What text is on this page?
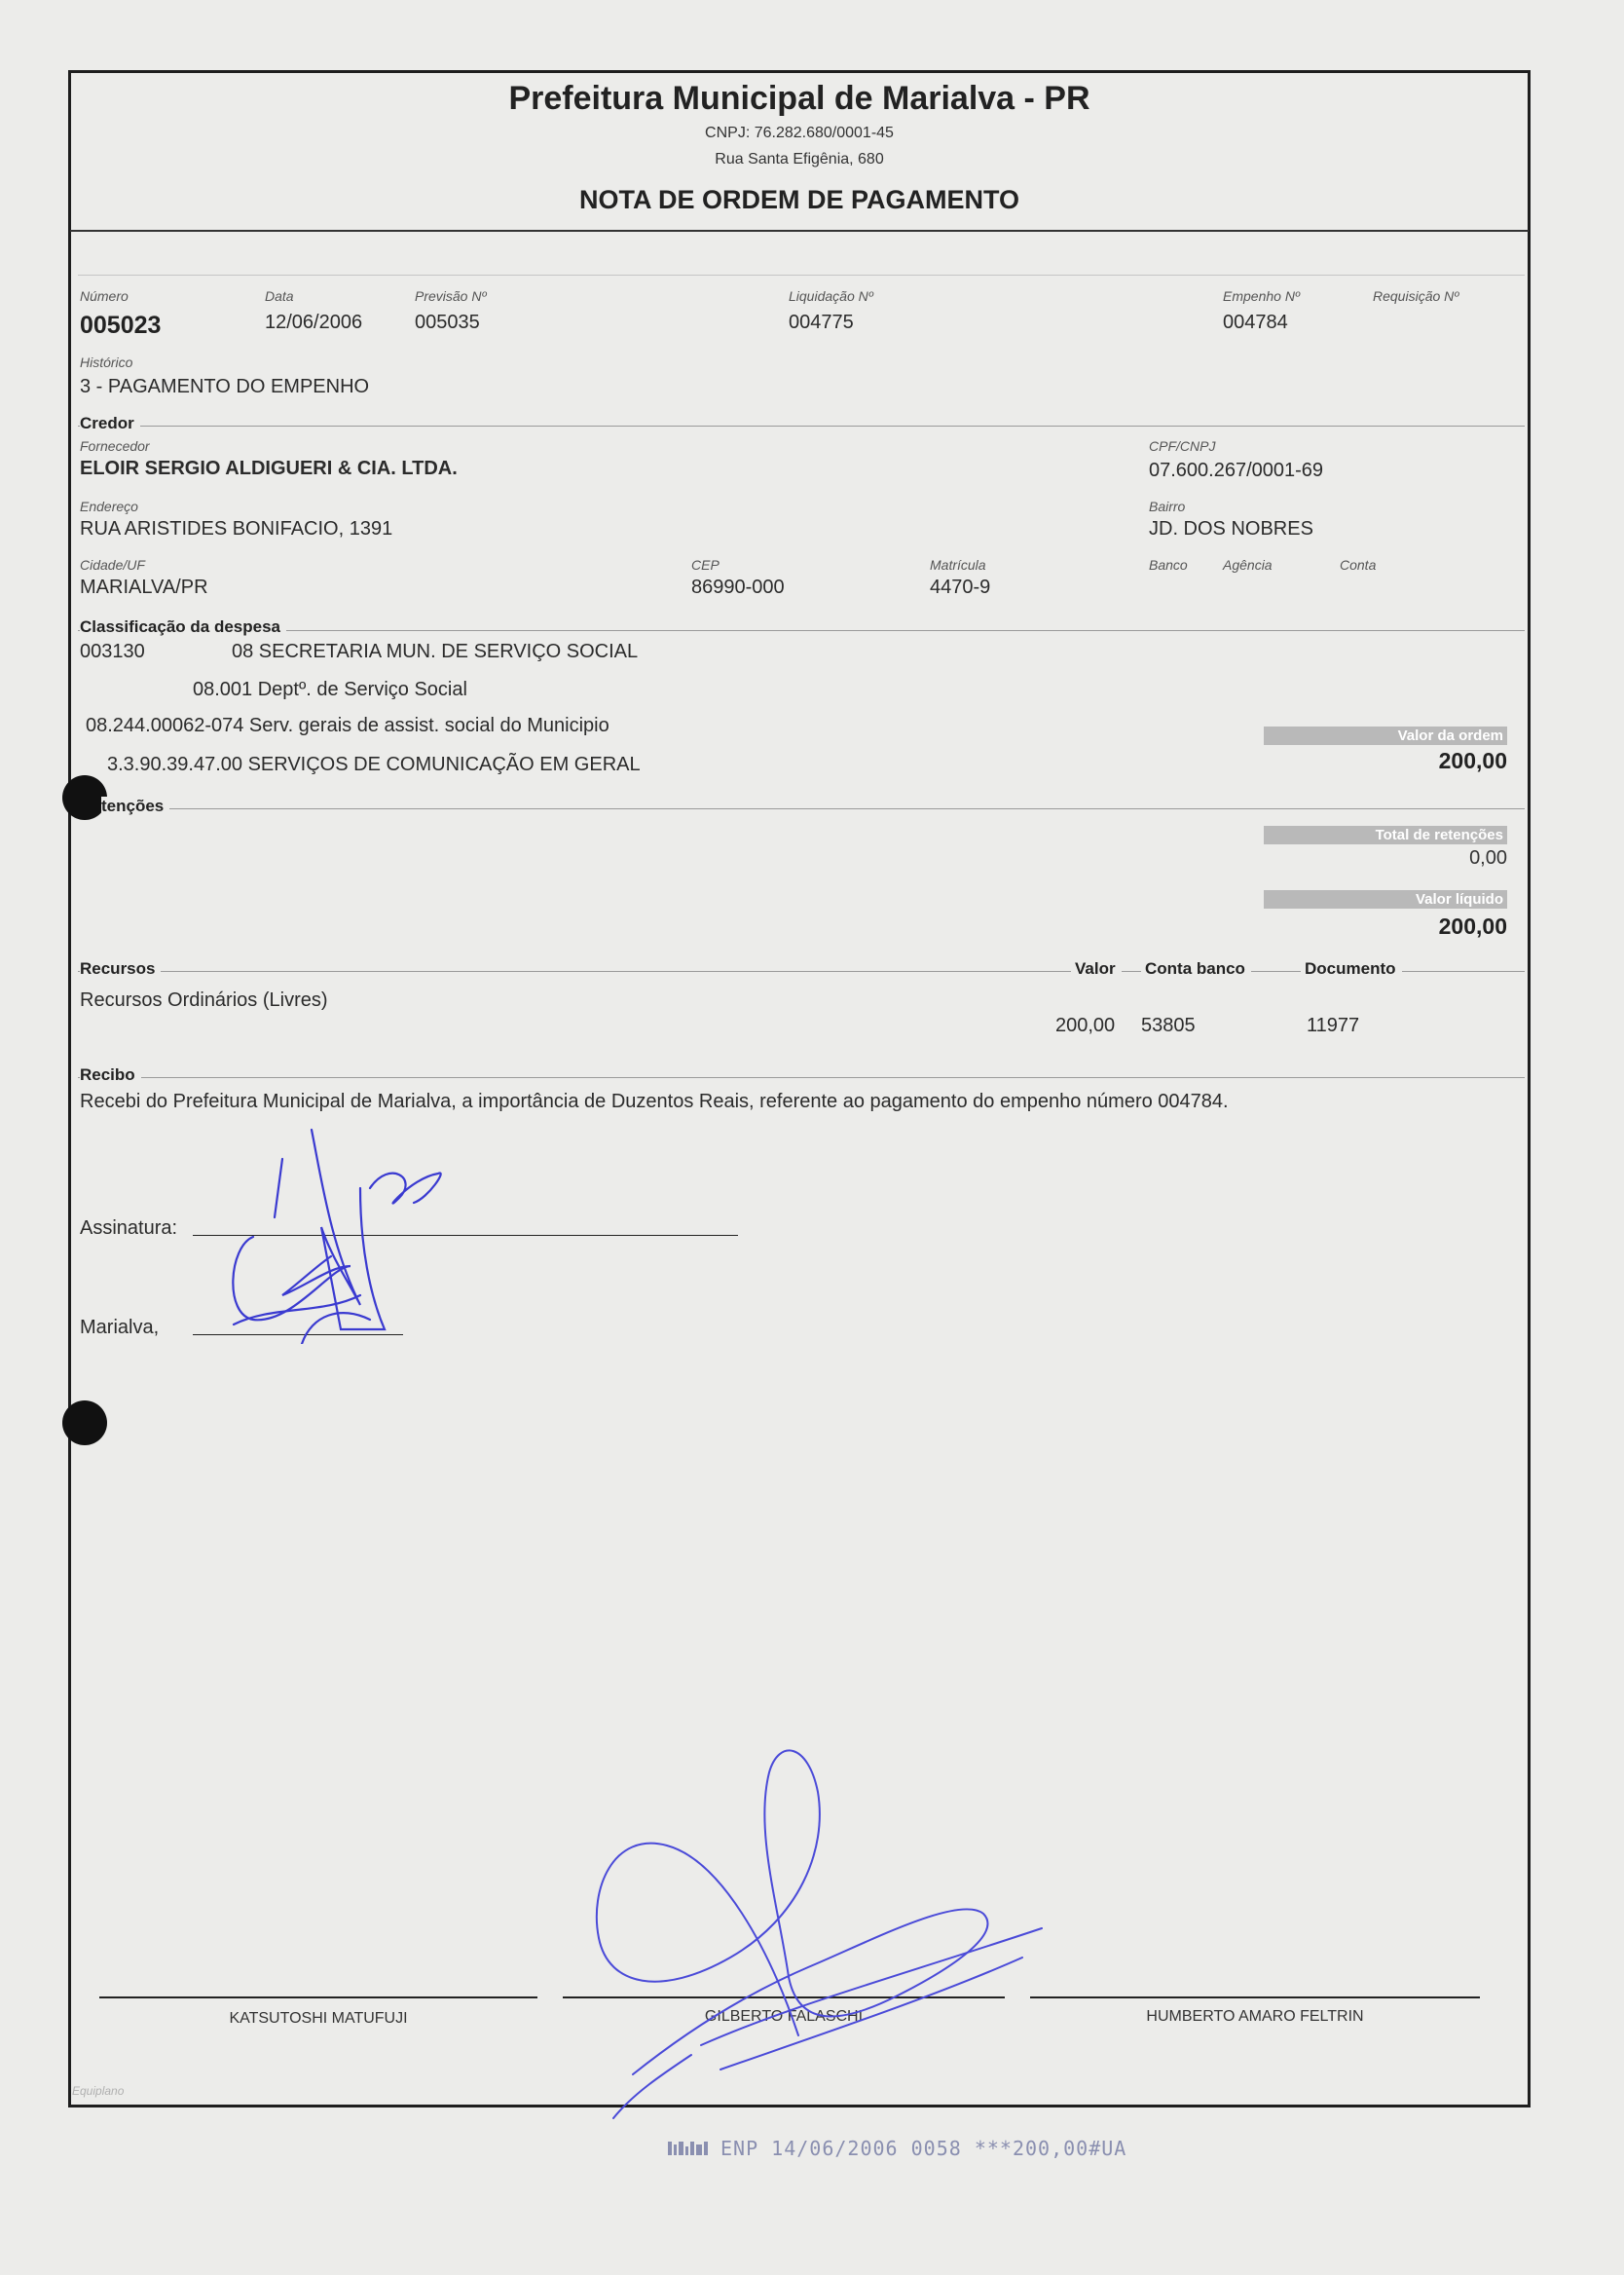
Prefeitura Municipal de Marialva - PR
CNPJ: 76.282.680/0001-45
Rua Santa Efigênia, 680
NOTA DE ORDEM DE PAGAMENTO
Número
005023
Data
12/06/2006
Previsão Nº
005035
Liquidação Nº
004775
Empenho Nº
004784
Requisição Nº
Histórico
3 - PAGAMENTO DO EMPENHO
Credor
Fornecedor
ELOIR SERGIO ALDIGUERI & CIA. LTDA.
CPF/CNPJ
07.600.267/0001-69
Endereço
RUA ARISTIDES BONIFACIO, 1391
Bairro
JD. DOS NOBRES
Cidade/UF
MARIALVA/PR
CEP
86990-000
Matrícula
4470-9
Banco	Agência	Conta
Classificação da despesa
003130	08 SECRETARIA MUN. DE SERVIÇO SOCIAL
08.001 Deptº. de Serviço Social
08.244.00062-074 Serv. gerais de assist. social do Municipio
3.3.90.39.47.00 SERVIÇOS DE COMUNICAÇÃO EM GERAL
Valor da ordem
200,00
tenções
Total de retenções
0,00
Valor líquido
200,00
Recursos	Valor	Conta banco	Documento
Recursos Ordinários (Livres)
200,00 53805	11977
Recibo
Recebi do Prefeitura Municipal de Marialva, a importância de Duzentos Reais, referente ao pagamento do empenho número 004784.
Assinatura:
Marialva,
KATSUTOSHI MATUFUJI	GILBERTO FALASCHI	HUMBERTO AMARO FELTRIN
Equiplano
ENP 14/06/2006 0058 ***200,00#UA
